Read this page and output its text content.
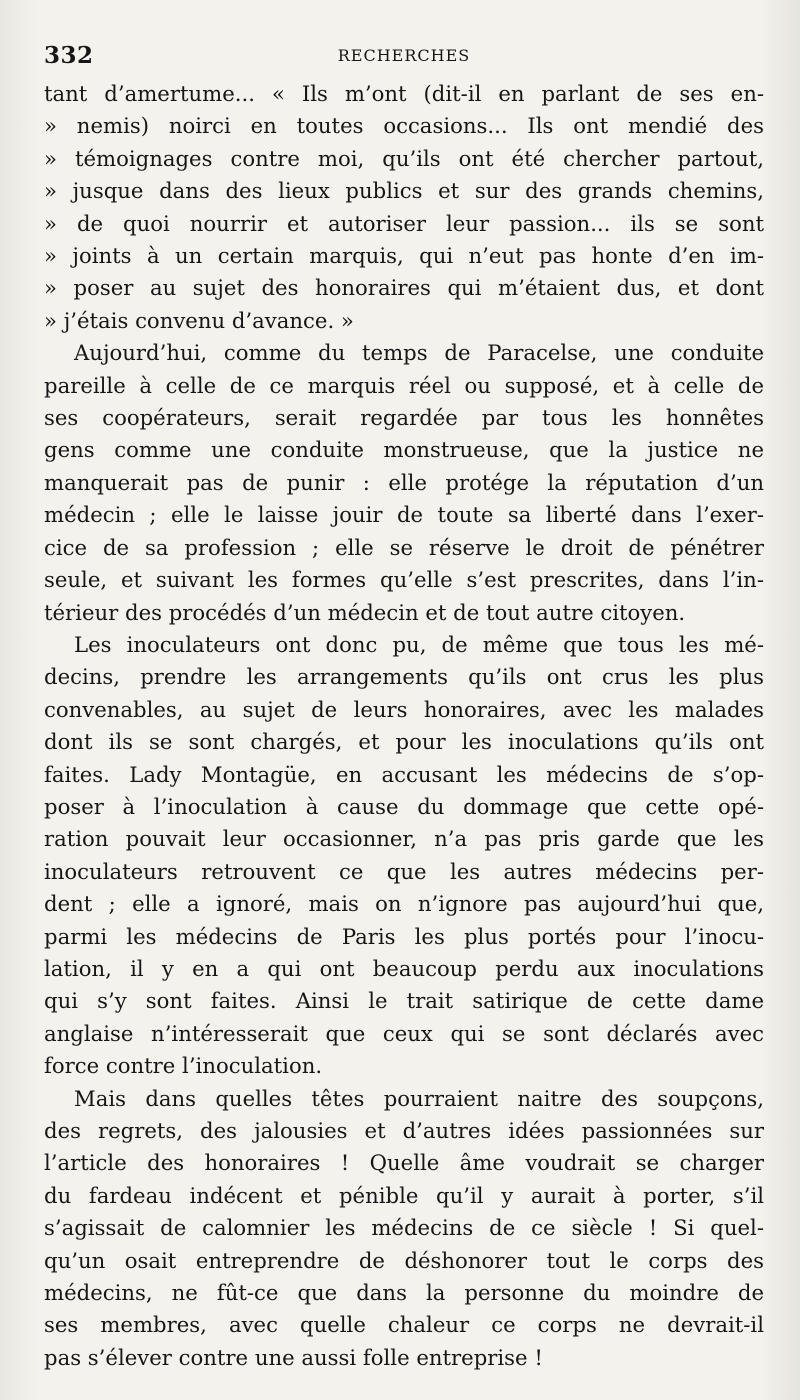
332	RECHERCHES

tant d’amertume... « Ils m’ont (dit-il en parlant de ses en-
» nemis) noirci en toutes occasions... Ils ont mendié des
» témoignages contre moi, qu’ils ont été chercher partout,
» jusque dans des lieux publics et sur des grands chemins,
» de quoi nourrir et autoriser leur passion... ils se sont
» joints à un certain marquis, qui n’eut pas honte d’en im-
» poser au sujet des honoraires qui m’étaient dus, et dont
» j’étais convenu d’avance. »

Aujourd’hui, comme du temps de Paracelse, une conduite
pareille à celle de ce marquis réel ou supposé, et à celle de
ses coopérateurs, serait regardée par tous les honnêtes
gens comme une conduite monstrueuse, que la justice ne
manquerait pas de punir : elle protége la réputation d’un
médecin ; elle le laisse jouir de toute sa liberté dans l’exer-
cice de sa profession ; elle se réserve le droit de pénétrer
seule, et suivant les formes qu’elle s’est prescrites, dans l’in-
térieur des procédés d’un médecin et de tout autre citoyen.

Les inoculateurs ont donc pu, de même que tous les mé-
decins, prendre les arrangements qu’ils ont crus les plus
convenables, au sujet de leurs honoraires, avec les malades
dont ils se sont chargés, et pour les inoculations qu’ils ont
faites. Lady Montagüe, en accusant les médecins de s’op-
poser à l’inoculation à cause du dommage que cette opé-
ration pouvait leur occasionner, n’a pas pris garde que les
inoculateurs retrouvent ce que les autres médecins per-
dent ; elle a ignoré, mais on n’ignore pas aujourd’hui que,
parmi les médecins de Paris les plus portés pour l’inocu-
lation, il y en a qui ont beaucoup perdu aux inoculations
qui s’y sont faites. Ainsi le trait satirique de cette dame
anglaise n’intéresserait que ceux qui se sont déclarés avec
force contre l’inoculation.

Mais dans quelles têtes pourraient naitre des soupçons,
des regrets, des jalousies et d’autres idées passionnées sur
l’article des honoraires ! Quelle âme voudrait se charger
du fardeau indécent et pénible qu’il y aurait à porter, s’il
s’agissait de calomnier les médecins de ce siècle ! Si quel-
qu’un osait entreprendre de déshonorer tout le corps des
médecins, ne fût-ce que dans la personne du moindre de
ses membres, avec quelle chaleur ce corps ne devrait-il
pas s’élever contre une aussi folle entreprise !
